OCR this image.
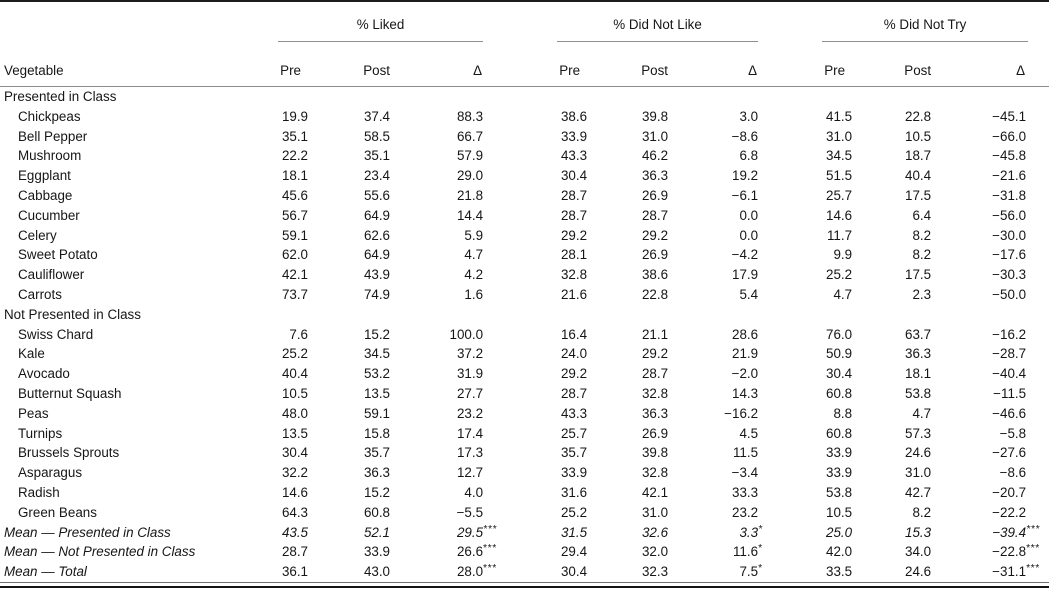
	% Liked				% Did Not Like				% Did Not Try			

Vegetable	Pre	Post	Δ		Pre	Post	Δ		Pre	Post	Δ	
Presented in Class												
Chickpeas	19.9	37.4	88.3		38.6	39.8	3.0		41.5	22.8	−45.1	
Bell Pepper	35.1	58.5	66.7		33.9	31.0	−8.6		31.0	10.5	−66.0	
Mushroom	22.2	35.1	57.9		43.3	46.2	6.8		34.5	18.7	−45.8	
Eggplant	18.1	23.4	29.0		30.4	36.3	19.2		51.5	40.4	−21.6	
Cabbage	45.6	55.6	21.8		28.7	26.9	−6.1		25.7	17.5	−31.8	
Cucumber	56.7	64.9	14.4		28.7	28.7	0.0		14.6	6.4	−56.0	
Celery	59.1	62.6	5.9		29.2	29.2	0.0		11.7	8.2	−30.0	
Sweet Potato	62.0	64.9	4.7		28.1	26.9	−4.2		9.9	8.2	−17.6	
Cauliflower	42.1	43.9	4.2		32.8	38.6	17.9		25.2	17.5	−30.3	
Carrots	73.7	74.9	1.6		21.6	22.8	5.4		4.7	2.3	−50.0	
Not Presented in Class												
Swiss Chard	7.6	15.2	100.0		16.4	21.1	28.6		76.0	63.7	−16.2	
Kale	25.2	34.5	37.2		24.0	29.2	21.9		50.9	36.3	−28.7	
Avocado	40.4	53.2	31.9		29.2	28.7	−2.0		30.4	18.1	−40.4	
Butternut Squash	10.5	13.5	27.7		28.7	32.8	14.3		60.8	53.8	−11.5	
Peas	48.0	59.1	23.2		43.3	36.3	−16.2		8.8	4.7	−46.6	
Turnips	13.5	15.8	17.4		25.7	26.9	4.5		60.8	57.3	−5.8	
Brussels Sprouts	30.4	35.7	17.3		35.7	39.8	11.5		33.9	24.6	−27.6	
Asparagus	32.2	36.3	12.7		33.9	32.8	−3.4		33.9	31.0	−8.6	
Radish	14.6	15.2	4.0		31.6	42.1	33.3		53.8	42.7	−20.7	
Green Beans	64.3	60.8	−5.5		25.2	31.0	23.2		10.5	8.2	−22.2	
Mean — Presented in Class	43.5	52.1	29.5 ***		31.5	32.6	3.3 *		25.0	15.3	−39.4 ***	

Mean — Not Presented in Class	28.7	33.9	26.6 ***		29.4	32.0	11.6 *		42.0	34.0	−22.8 ***	

Mean — Total	36.1	43.0	28.0 ***		30.4	32.3	7.5 *		33.5	24.6	−31.1 ***	
